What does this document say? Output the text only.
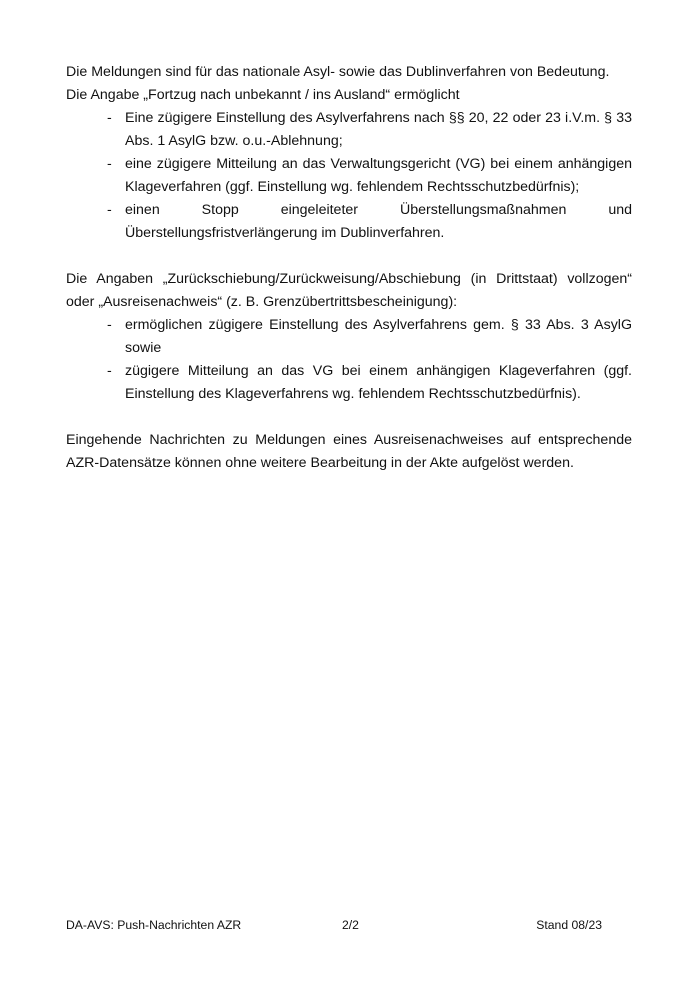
Die Meldungen sind für das nationale Asyl- sowie das Dublinverfahren von Bedeutung.

Die Angabe „Fortzug nach unbekannt / ins Ausland“ ermöglicht

- Eine zügigere Einstellung des Asylverfahrens nach §§ 20, 22 oder 23 i.V.m. § 33 Abs. 1 AsylG bzw. o.u.-Ablehnung;
- eine zügigere Mitteilung an das Verwaltungsgericht (VG) bei einem anhängigen Klageverfahren (ggf. Einstellung wg. fehlendem Rechtsschutzbedürfnis);
- einen Stopp eingeleiteter Überstellungsmaßnahmen und Überstellungsfristverlängerung im Dublinverfahren.

Die Angaben „Zurückschiebung/Zurückweisung/Abschiebung (in Drittstaat) vollzogen“ oder „Ausreisenachweis“ (z. B. Grenzübertrittsbescheinigung):

- ermöglichen zügigere Einstellung des Asylverfahrens gem. § 33 Abs. 3 AsylG sowie
- zügigere Mitteilung an das VG bei einem anhängigen Klageverfahren (ggf. Einstellung des Klageverfahrens wg. fehlendem Rechtsschutzbedürfnis).

Eingehende Nachrichten zu Meldungen eines Ausreisenachweises auf entsprechende AZR-Datensätze können ohne weitere Bearbeitung in der Akte aufgelöst werden.

DA-AVS: Push-Nachrichten AZR	2/2	Stand 08/23
